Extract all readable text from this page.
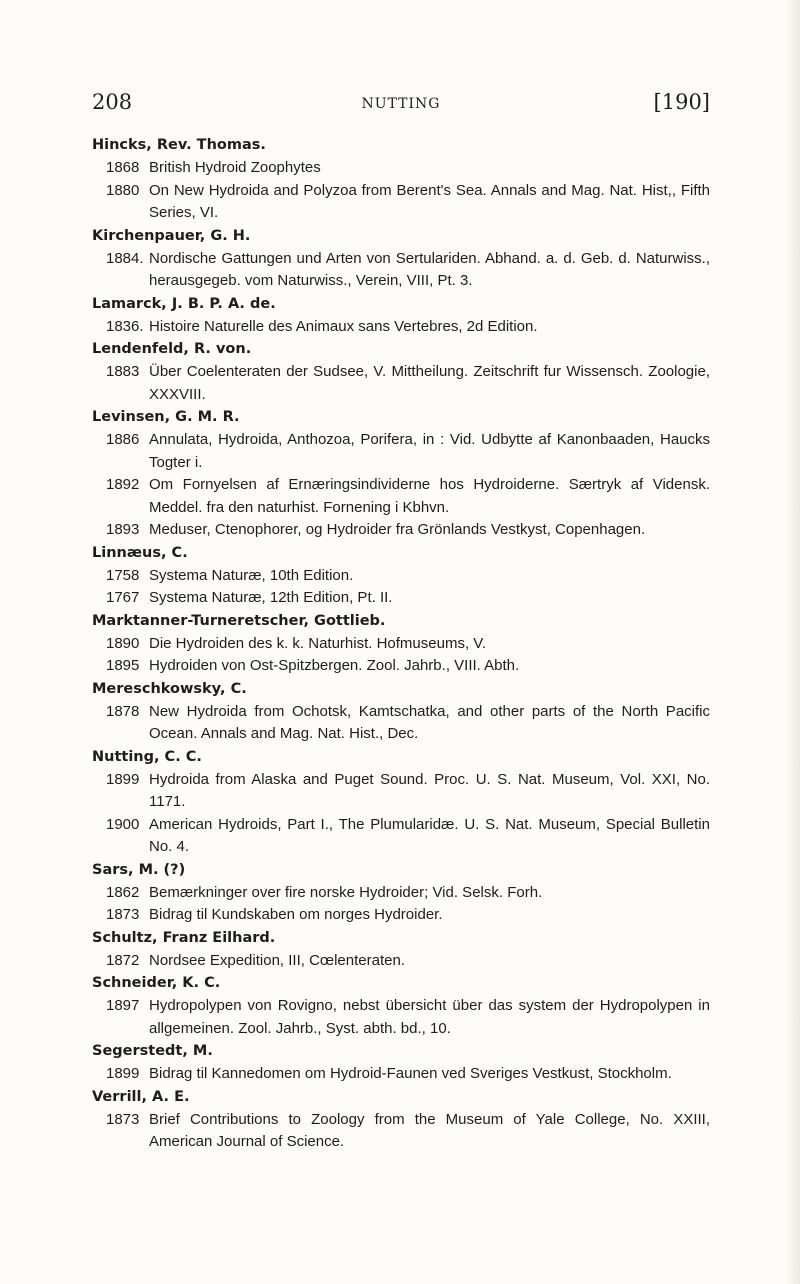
208	NUTTING	[190]
Hincks, Rev. Thomas.
1868 British Hydroid Zoophytes
1880 On New Hydroida and Polyzoa from Berent's Sea. Annals and Mag. Nat. Hist,, Fifth Series, VI.
Kirchenpauer, G. H.
1884. Nordische Gattungen und Arten von Sertulariden. Abhand. a. d. Geb. d. Naturwiss., herausgegeb. vom Naturwiss., Verein, VIII, Pt. 3.
Lamarck, J. B. P. A. de.
1836. Histoire Naturelle des Animaux sans Vertebres, 2d Edition.
Lendenfeld, R. von.
1883 Über Coelenteraten der Sudsee, V. Mittheilung. Zeitschrift fur Wissensch. Zoologie, XXXVIII.
Levinsen, G. M. R.
1886 Annulata, Hydroida, Anthozoa, Porifera, in : Vid. Udbytte af Kanonbaaden, Haucks Togter i.
1892 Om Fornyelsen af Ernæringsindividerne hos Hydroiderne. Særtryk af Vidensk. Meddel. fra den naturhist. Fornening i Kbhvn.
1893 Meduser, Ctenophorer, og Hydroider fra Grönlands Vestkyst, Copenhagen.
Linnæus, C.
1758 Systema Naturæ, 10th Edition.
1767 Systema Naturæ, 12th Edition, Pt. II.
Marktanner-Turneretscher, Gottlieb.
1890 Die Hydroiden des k. k. Naturhist. Hofmuseums, V.
1895 Hydroiden von Ost-Spitzbergen. Zool. Jahrb., VIII. Abth.
Mereschkowsky, C.
1878 New Hydroida from Ochotsk, Kamtschatka, and other parts of the North Pacific Ocean. Annals and Mag. Nat. Hist., Dec.
Nutting, C. C.
1899 Hydroida from Alaska and Puget Sound. Proc. U. S. Nat. Museum, Vol. XXI, No. 1171.
1900 American Hydroids, Part I., The Plumularidæ. U. S. Nat. Museum, Special Bulletin No. 4.
Sars, M. (?)
1862 Bemærkninger over fire norske Hydroider; Vid. Selsk. Forh.
1873 Bidrag til Kundskaben om norges Hydroider.
Schultz, Franz Eilhard.
1872 Nordsee Expedition, III, Cœlenteraten.
Schneider, K. C.
1897 Hydropolypen von Rovigno, nebst übersicht über das system der Hydropolypen in allgemeinen. Zool. Jahrb., Syst. abth. bd., 10.
Segerstedt, M.
1899 Bidrag til Kannedomen om Hydroid-Faunen ved Sveriges Vestkust, Stockholm.
Verrill, A. E.
1873 Brief Contributions to Zoology from the Museum of Yale College, No. XXIII, American Journal of Science.
